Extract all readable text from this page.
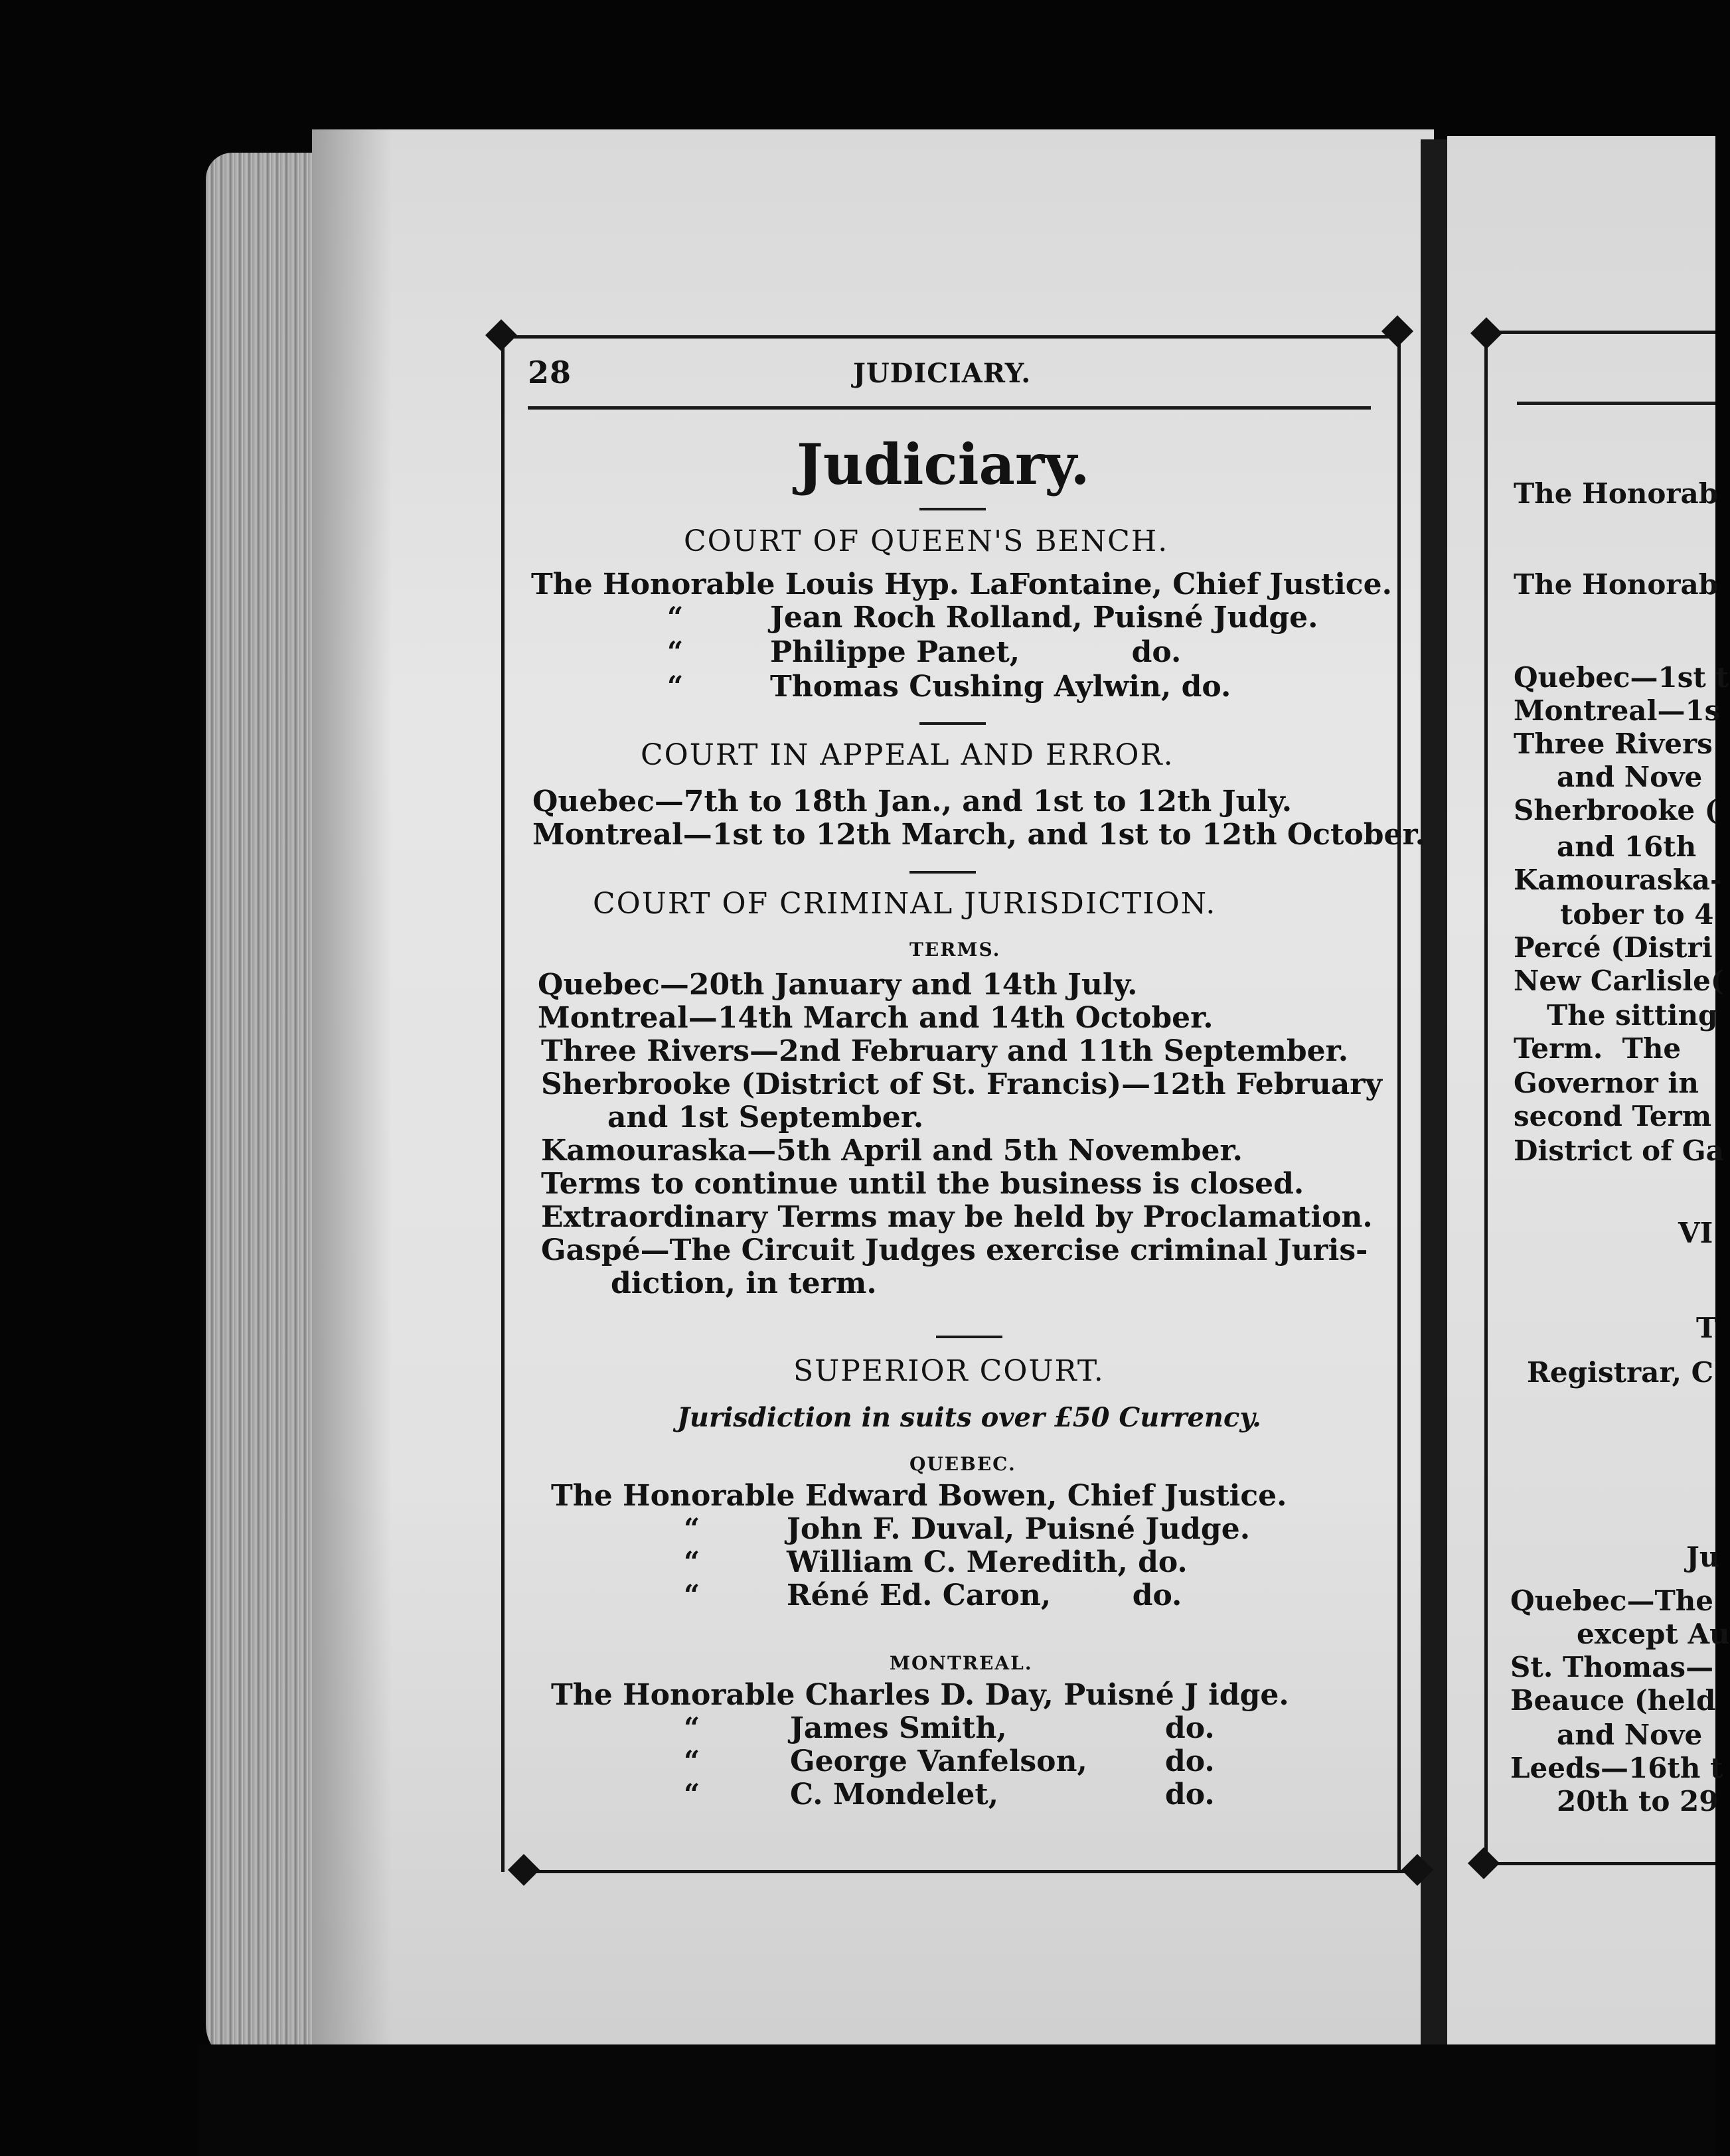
28	JUDICIARY.
Judiciary.
COURT OF QUEEN'S BENCH.
The Honorable Louis Hyp. LaFontaine, Chief Justice.
“	Jean Roch Rolland, Puisné Judge.
“	Philippe Panet,           do.
“	Thomas Cushing Aylwin, do.
COURT IN APPEAL AND ERROR.
Quebec—7th to 18th Jan., and 1st to 12th July.
Montreal—1st to 12th March, and 1st to 12th October.
COURT OF CRIMINAL JURISDICTION.
TERMS.
Quebec—20th January and 14th July.
Montreal—14th March and 14th October.
Three Rivers—2nd February and 11th September.
Sherbrooke (District of St. Francis)—12th February
and 1st September.
Kamouraska—5th April and 5th November.
Terms to continue until the business is closed.
Extraordinary Terms may be held by Proclamation.
Gaspé—The Circuit Judges exercise criminal Juris-
diction, in term.
SUPERIOR COURT.
Jurisdiction in suits over £50 Currency.
QUEBEC.
The Honorable Edward Bowen, Chief Justice.
“	John F. Duval, Puisné Judge.
“	William C. Meredith, do.
“	Réné Ed. Caron,        do.
MONTREAL.
The Honorable Charles D. Day, Puisné J idge.
“	James Smith,	do.
“	George Vanfelson,	do.
“	C. Mondelet,	do.
The Honorab
The Honorab
Quebec—1st t
Montreal—1s
Three Rivers
and Nove
Sherbrooke (
and 16th
Kamouraska-
tober to 4
Percé (Distri
New Carlisle(
The sitting
Term.  The
Governor in
second Term
District of Ga
VI
T
Registrar, C
Ju
Quebec—The
except Au
St. Thomas—
Beauce (held
and Nove
Leeds—16th t
20th to 29
